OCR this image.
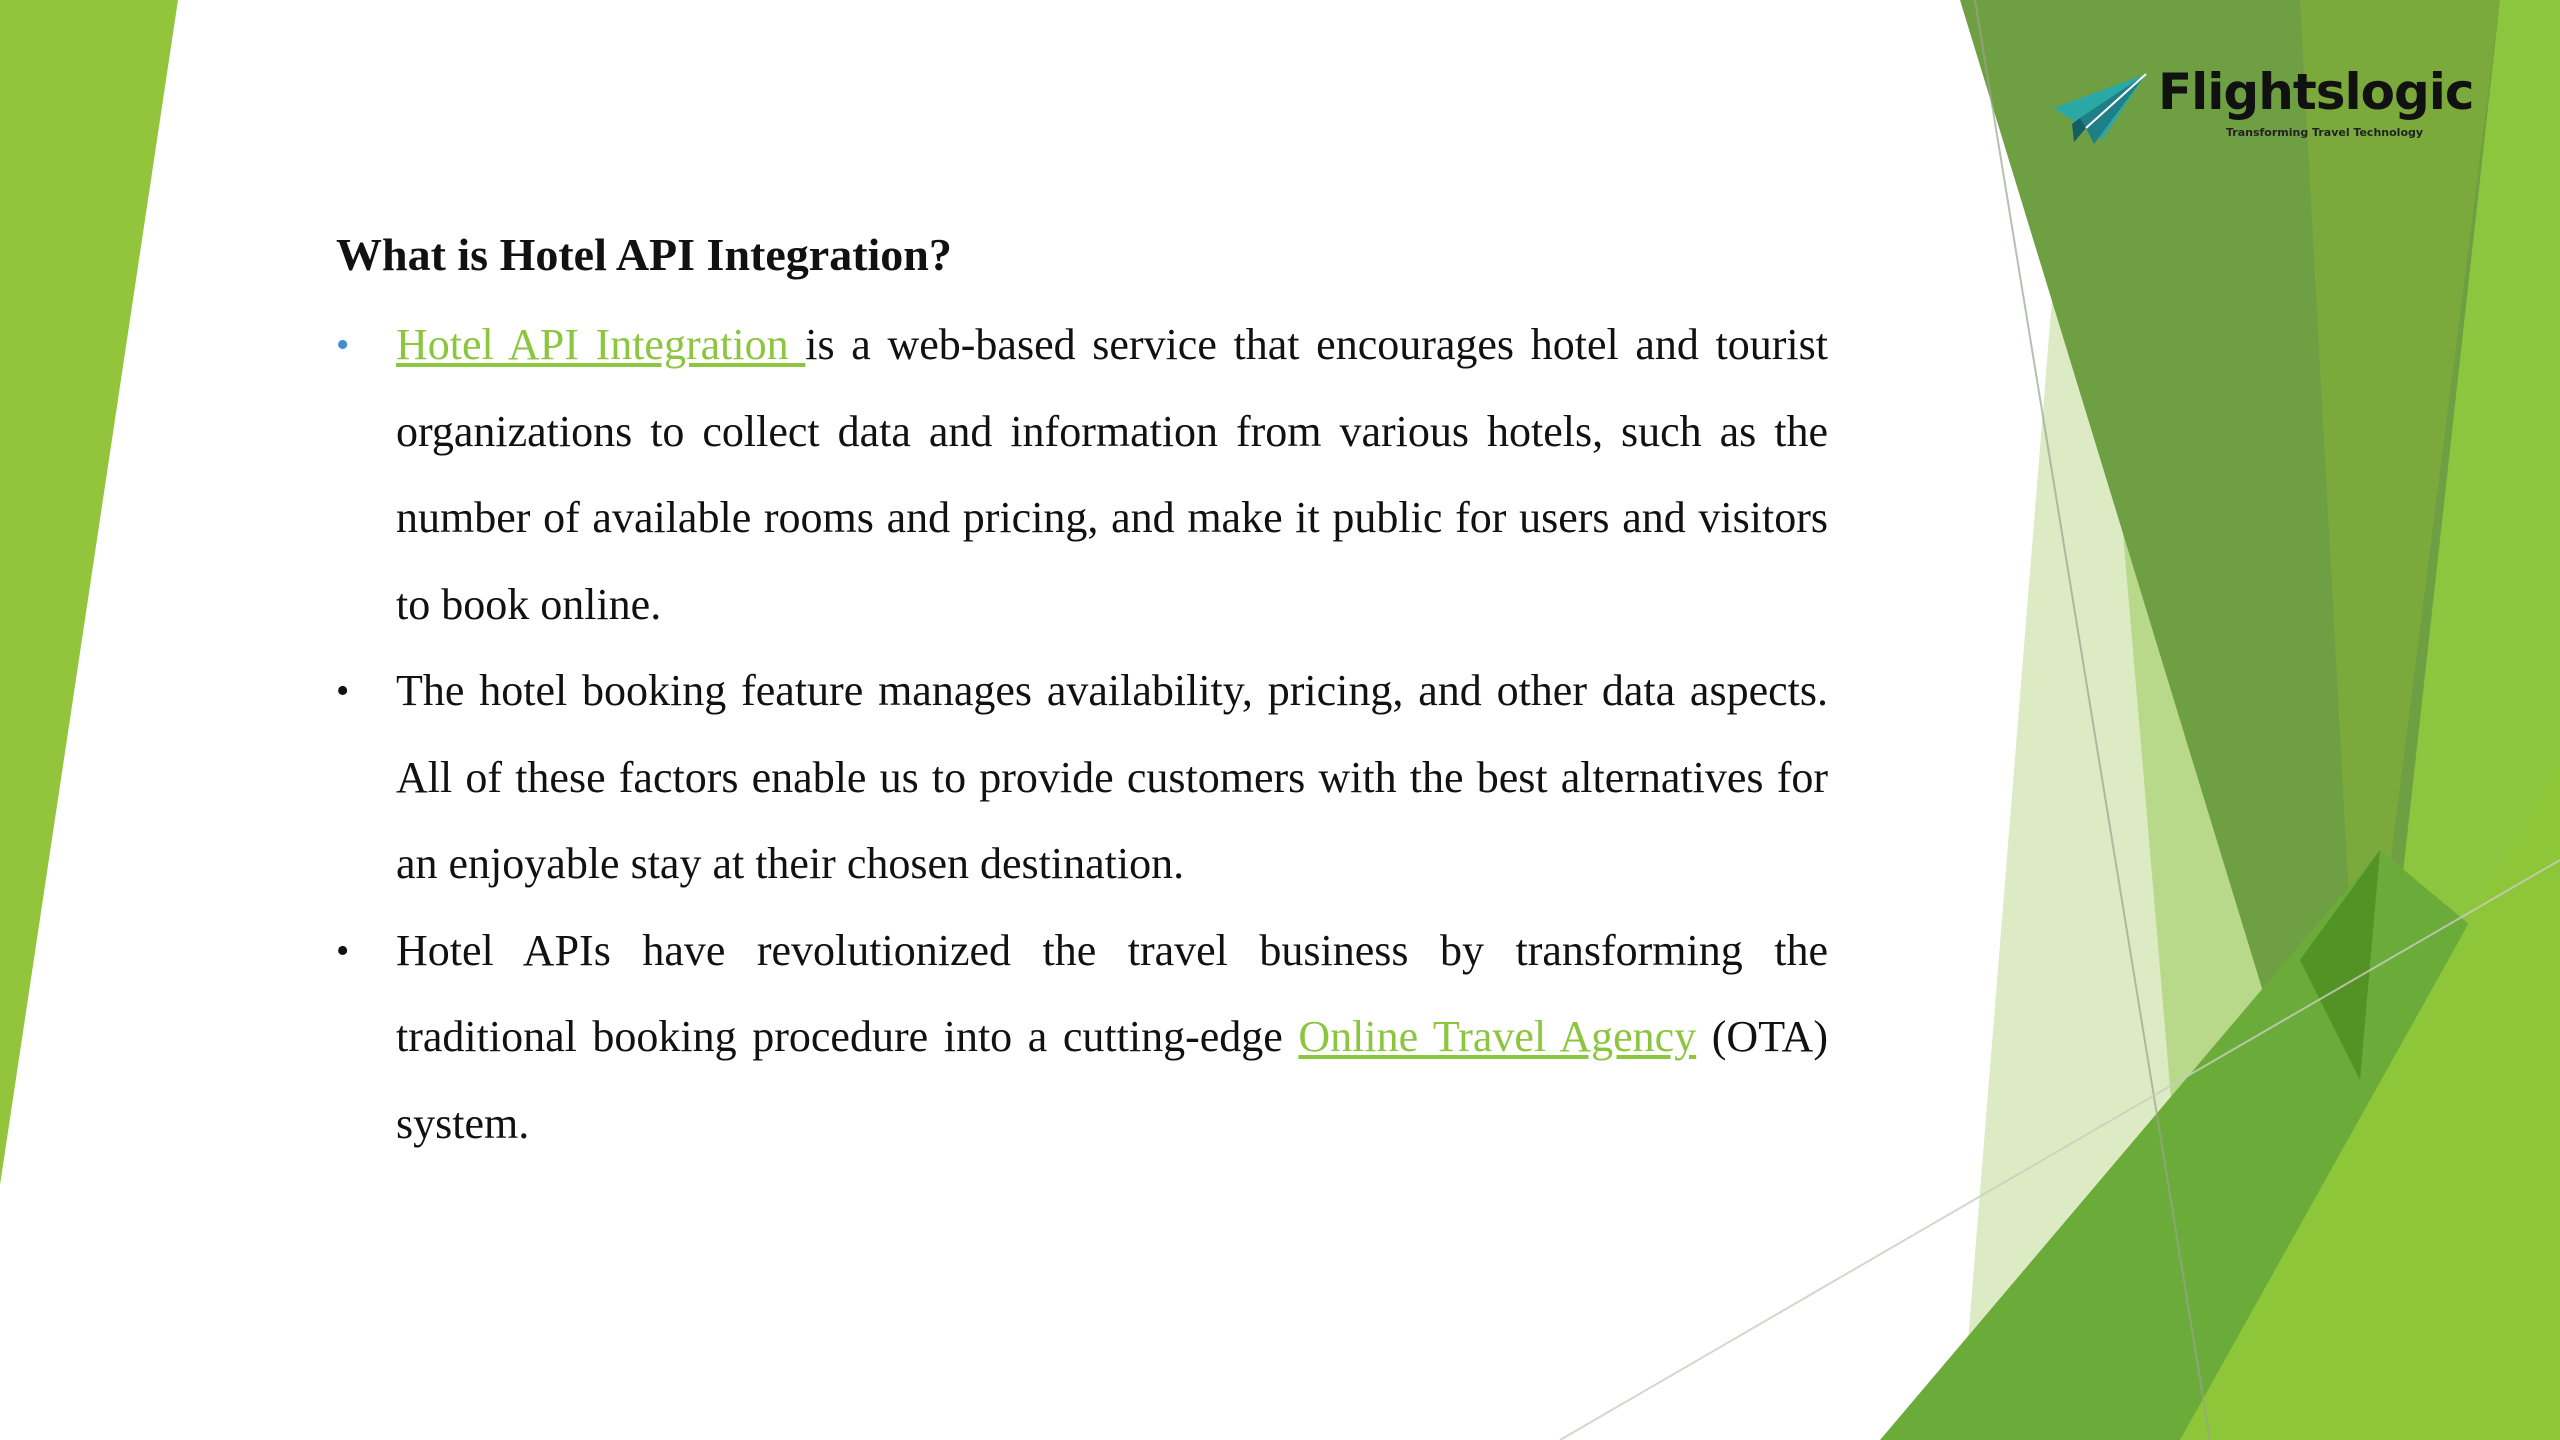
Flightslogic
Transforming Travel Technology
What is Hotel API Integration?
• Hotel API Integration is a web-based service that encourages hotel and tourist organizations to collect data and information from various hotels, such as the number of available rooms and pricing, and make it public for users and visitors to book online.
• The hotel booking feature manages availability, pricing, and other data aspects. All of these factors enable us to provide customers with the best alternatives for an enjoyable stay at their chosen destination.
• Hotel APIs have revolutionized the travel business by transforming the traditional booking procedure into a cutting-edge Online Travel Agency (OTA) system.
